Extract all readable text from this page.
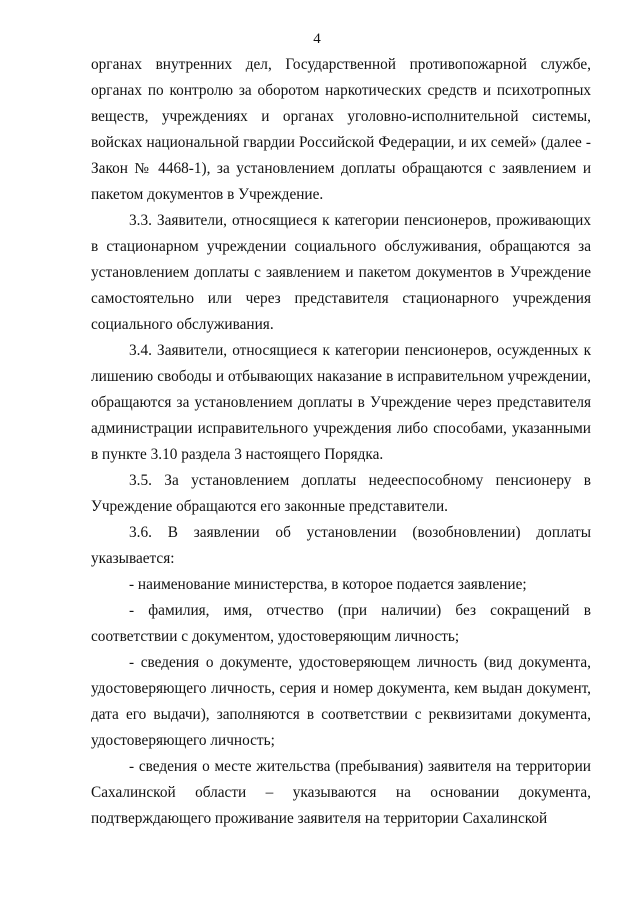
4

органах внутренних дел, Государственной противопожарной службе, органах по контролю за оборотом наркотических средств и психотропных веществ, учреждениях и органах уголовно-исполнительной системы, войсках национальной гвардии Российской Федерации, и их семей» (далее - Закон № 4468-1), за установлением доплаты обращаются с заявлением и пакетом документов в Учреждение.

3.3. Заявители, относящиеся к категории пенсионеров, проживающих в стационарном учреждении социального обслуживания, обращаются за установлением доплаты с заявлением и пакетом документов в Учреждение самостоятельно или через представителя стационарного учреждения социального обслуживания.

3.4. Заявители, относящиеся к категории пенсионеров, осужденных к лишению свободы и отбывающих наказание в исправительном учреждении, обращаются за установлением доплаты в Учреждение через представителя администрации исправительного учреждения либо способами, указанными в пункте 3.10 раздела 3 настоящего Порядка.

3.5. За установлением доплаты недееспособному пенсионеру в Учреждение обращаются его законные представители.

3.6. В заявлении об установлении (возобновлении) доплаты указывается:

- наименование министерства, в которое подается заявление;

- фамилия, имя, отчество (при наличии) без сокращений в соответствии с документом, удостоверяющим личность;

- сведения о документе, удостоверяющем личность (вид документа, удостоверяющего личность, серия и номер документа, кем выдан документ, дата его выдачи), заполняются в соответствии с реквизитами документа, удостоверяющего личность;

- сведения о месте жительства (пребывания) заявителя на территории Сахалинской области – указываются на основании документа, подтверждающего проживание заявителя на территории Сахалинской
